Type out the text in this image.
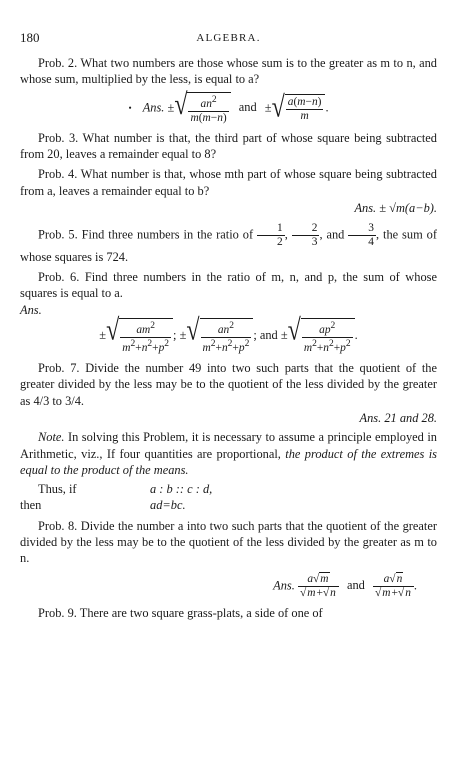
180	ALGEBRA.

Prob. 2. What two numbers are those whose sum is to the greater as m to n, and whose sum, multiplied by the less, is equal to a?

• Ans. ± √ $\frac{an^2}{m(m-n)}$ and ± √ $\frac{a(m-n)}{m}$ .

Prob. 3. What number is that, the third part of whose square being subtracted from 20, leaves a remainder equal to 8?

Prob. 4. What number is that, whose mth part of whose square being subtracted from a, leaves a remainder equal to b?

Ans. ± √m(a−b).

Prob. 5. Find three numbers in the ratio of $\frac{1}{2}$ , $\frac{2}{3}$ , and $\frac{3}{4}$ , the sum of whose squares is 724.

Prob. 6. Find three numbers in the ratio of m, n, and p, the sum of whose squares is equal to a.

Ans.

± √ $\frac{am^2}{m^2+n^2+p^2}$ ; ± √ $\frac{an^2}{m^2+n^2+p^2}$ ; and ± √ $\frac{ap^2}{m^2+n^2+p^2}$ .

Prob. 7. Divide the number 49 into two such parts that the quotient of the greater divided by the less may be to the quotient of the less divided by the greater as 4/3 to 3/4.

Ans. 21 and 28.

Note. In solving this Problem, it is necessary to assume a principle employed in Arithmetic, viz., If four quantities are proportional, the product of the extremes is equal to the product of the means.

Thus, if	a : b :: c : d,
then	ad=bc.

Prob. 8. Divide the number a into two such parts that the quotient of the greater divided by the less may be to the quotient of the less divided by the greater as m to n.

Ans. $\frac{a√m}{√m+√n}$ and $\frac{a√n}{√m+√n}$ .

Prob. 9. There are two square grass-plats, a side of one of
